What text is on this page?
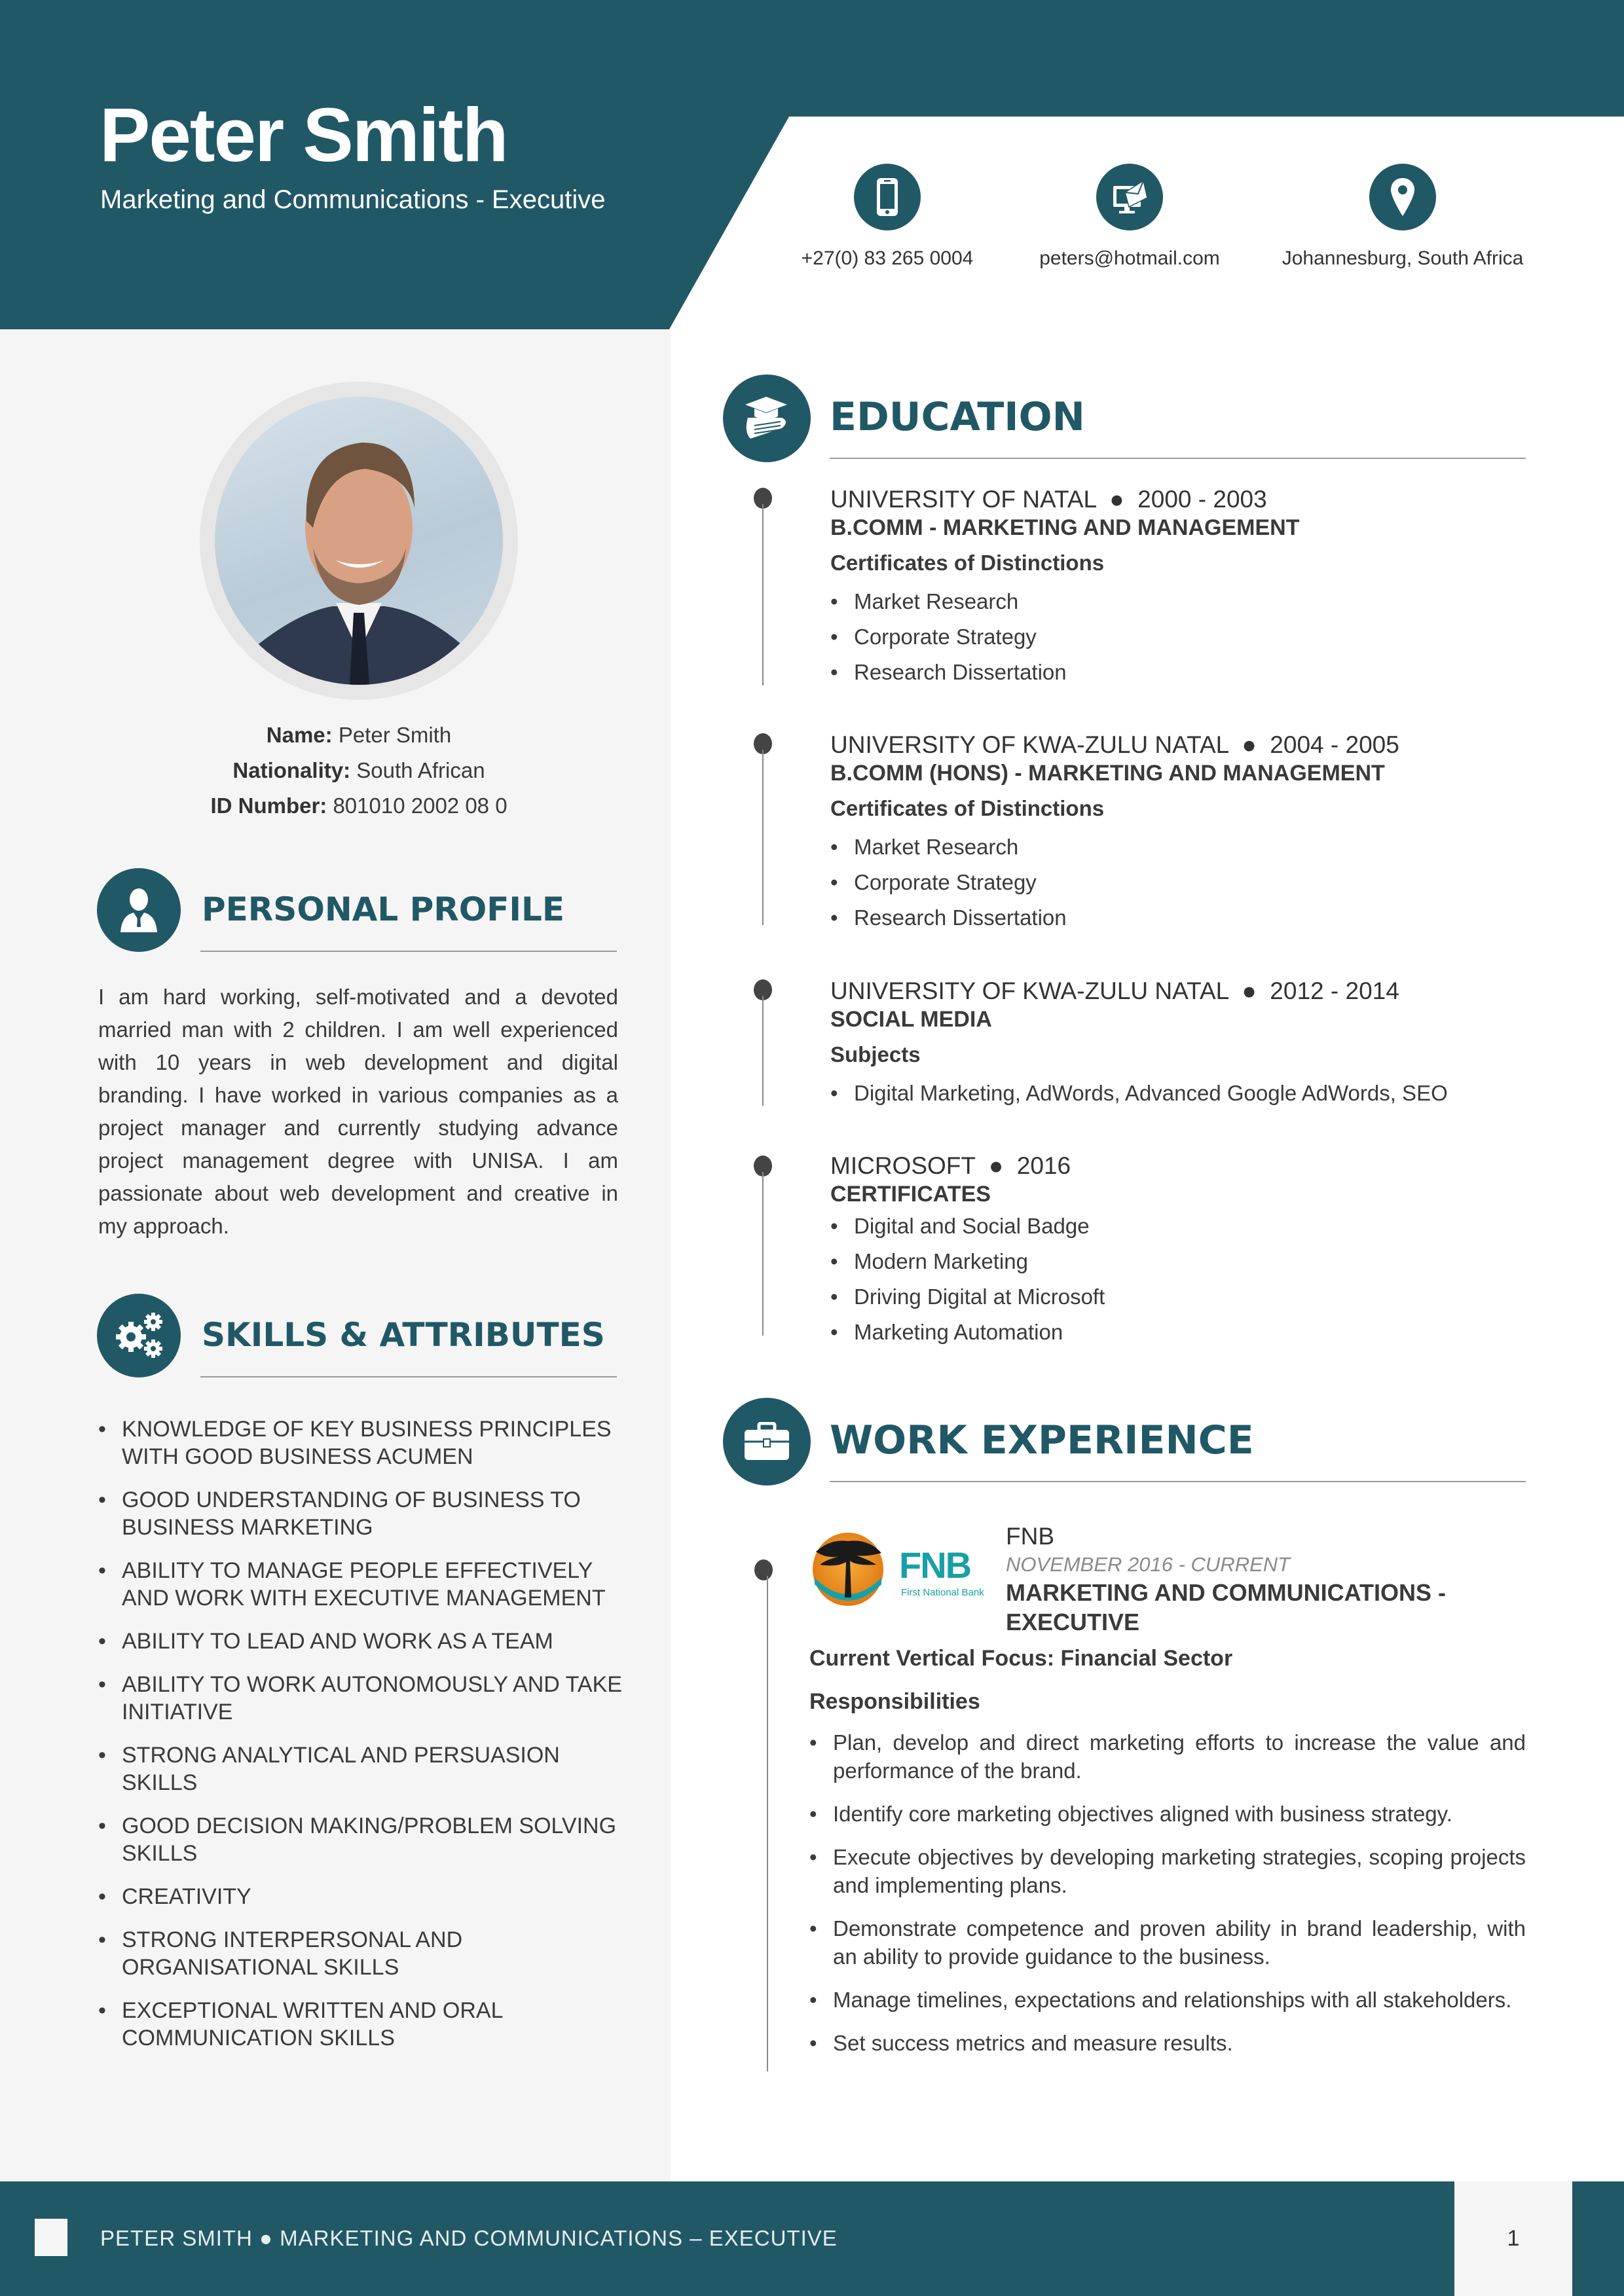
Peter Smith
Marketing and Communications - Executive
+27(0) 83 265 0004	peters@hotmail.com	Johannesburg, South Africa
Name: Peter Smith
Nationality: South African
ID Number: 801010 2002 08 0
PERSONAL PROFILE
I am hard working, self-motivated and a devoted married man with 2 children. I am well experienced with 10 years in web development and digital branding. I have worked in various companies as a project manager and currently studying advance project management degree with UNISA. I am passionate about web development and creative in my approach.
SKILLS & ATTRIBUTES
• KNOWLEDGE OF KEY BUSINESS PRINCIPLES WITH GOOD BUSINESS ACUMEN
• GOOD UNDERSTANDING OF BUSINESS TO BUSINESS MARKETING
• ABILITY TO MANAGE PEOPLE EFFECTIVELY AND WORK WITH EXECUTIVE MANAGEMENT
• ABILITY TO LEAD AND WORK AS A TEAM
• ABILITY TO WORK AUTONOMOUSLY AND TAKE INITIATIVE
• STRONG ANALYTICAL AND PERSUASION SKILLS
• GOOD DECISION MAKING/PROBLEM SOLVING SKILLS
• CREATIVITY
• STRONG INTERPERSONAL AND ORGANISATIONAL SKILLS
• EXCEPTIONAL WRITTEN AND ORAL COMMUNICATION SKILLS
EDUCATION
UNIVERSITY OF NATAL  ●  2000 - 2003
B.COMM - MARKETING AND MANAGEMENT
Certificates of Distinctions
• Market Research
• Corporate Strategy
• Research Dissertation
UNIVERSITY OF KWA-ZULU NATAL  ●  2004 - 2005
B.COMM (HONS) - MARKETING AND MANAGEMENT
Certificates of Distinctions
• Market Research
• Corporate Strategy
• Research Dissertation
UNIVERSITY OF KWA-ZULU NATAL  ●  2012 - 2014
SOCIAL MEDIA
Subjects
• Digital Marketing, AdWords, Advanced Google AdWords, SEO
MICROSOFT  ●  2016
CERTIFICATES
• Digital and Social Badge
• Modern Marketing
• Driving Digital at Microsoft
• Marketing Automation
WORK EXPERIENCE
FNB
First National Bank
FNB
NOVEMBER 2016 - CURRENT
MARKETING AND COMMUNICATIONS - EXECUTIVE
Current Vertical Focus: Financial Sector
Responsibilities
• Plan, develop and direct marketing efforts to increase the value and performance of the brand.
• Identify core marketing objectives aligned with business strategy.
• Execute objectives by developing marketing strategies, scoping projects and implementing plans.
• Demonstrate competence and proven ability in brand leadership, with an ability to provide guidance to the business.
• Manage timelines, expectations and relationships with all stakeholders.
• Set success metrics and measure results.
PETER SMITH ● MARKETING AND COMMUNICATIONS – EXECUTIVE	1
